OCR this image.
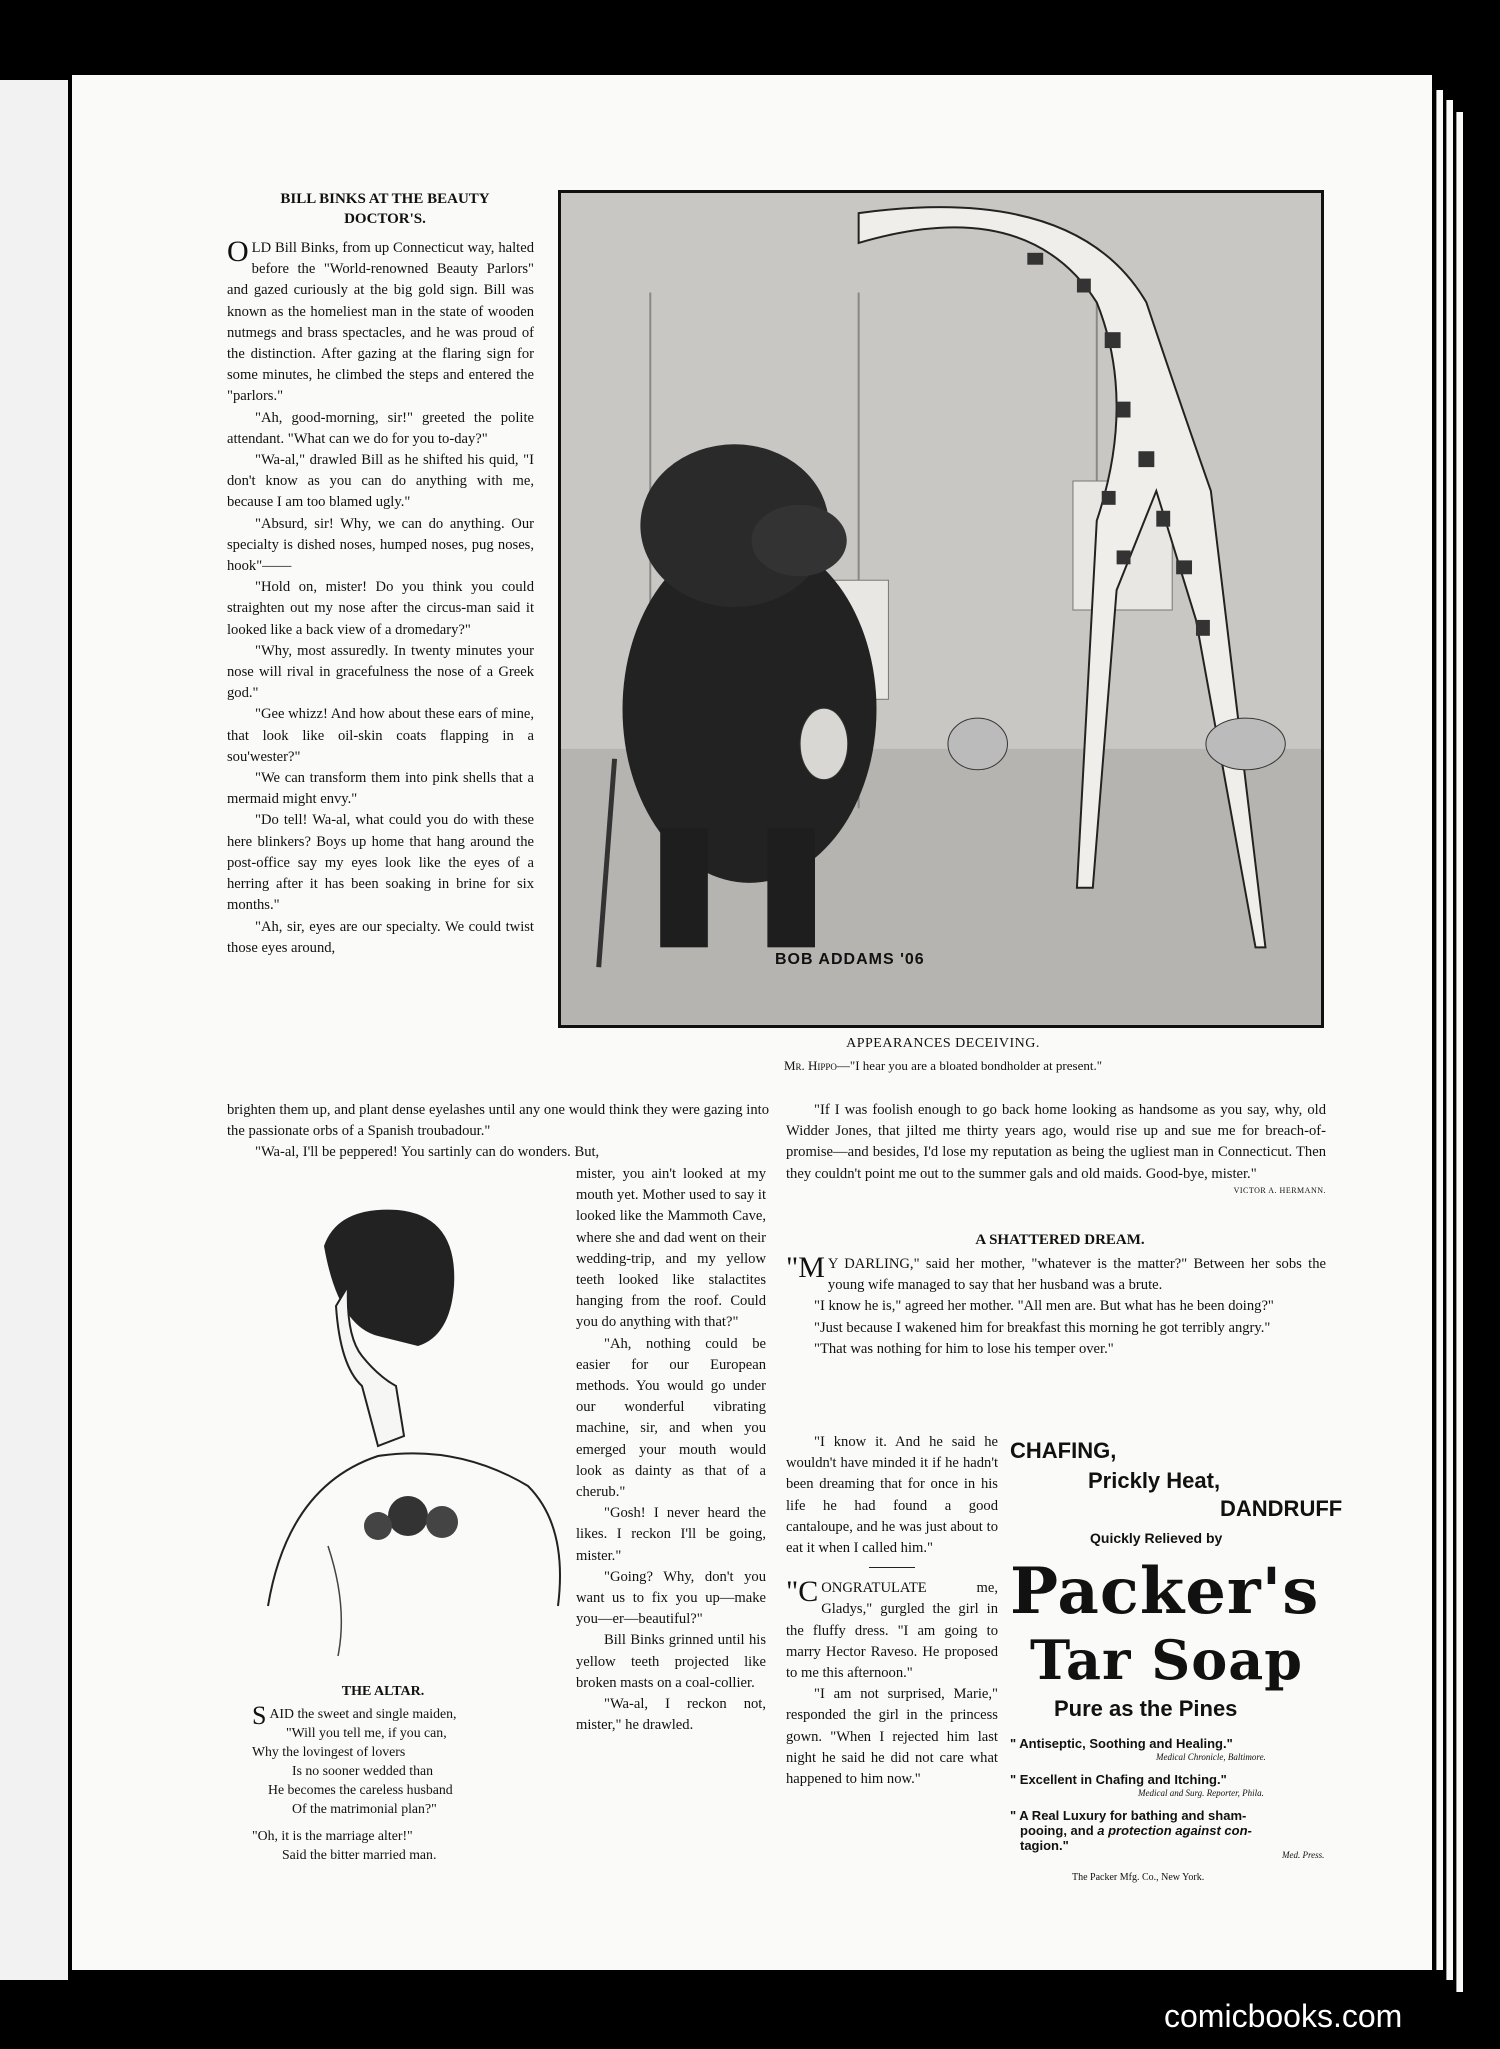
BILL BINKS AT THE BEAUTY
DOCTOR'S.

OLD Bill Binks, from up Connecticut way, halted before the "World-renowned Beauty Parlors" and gazed curiously at the big gold sign. Bill was known as the homeliest man in the state of wooden nutmegs and brass spectacles, and he was proud of the distinction. After gazing at the flaring sign for some minutes, he climbed the steps and entered the "parlors."

"Ah, good-morning, sir!" greeted the polite attendant. "What can we do for you to-day?"

"Wa-al," drawled Bill as he shifted his quid, "I don't know as you can do anything with me, because I am too blamed ugly."

"Absurd, sir! Why, we can do anything. Our specialty is dished noses, humped noses, pug noses, hook"——

"Hold on, mister! Do you think you could straighten out my nose after the circus-man said it looked like a back view of a dromedary?"

"Why, most assuredly. In twenty minutes your nose will rival in gracefulness the nose of a Greek god."

"Gee whizz! And how about these ears of mine, that look like oil-skin coats flapping in a sou'wester?"

"We can transform them into pink shells that a mermaid might envy."

"Do tell! Wa-al, what could you do with these here blinkers? Boys up home that hang around the post-office say my eyes look like the eyes of a herring after it has been soaking in brine for six months."

"Ah, sir, eyes are our specialty. We could twist those eyes around,

brighten them up, and plant dense eyelashes until any one would think they were gazing into the passionate orbs of a Spanish troubadour."

"Wa-al, I'll be peppered! You sartinly can do wonders. But,

mister, you ain't looked at my mouth yet. Mother used to say it looked like the Mammoth Cave, where she and dad went on their wedding-trip, and my yellow teeth looked like stalactites hanging from the roof. Could you do anything with that?"

"Ah, nothing could be easier for our European methods. You would go under our wonderful vibrating machine, sir, and when you emerged your mouth would look as dainty as that of a cherub."

"Gosh! I never heard the likes. I reckon I'll be going, mister."

"Going? Why, don't you want us to fix you up—make you—er—beautiful?"

Bill Binks grinned until his yellow teeth projected like broken masts on a coal-collier.

"Wa-al, I reckon not, mister," he drawled.

"If I was foolish enough to go back home looking as handsome as you say, why, old Widder Jones, that jilted me thirty years ago, would rise up and sue me for breach-of-promise—and besides, I'd lose my reputation as being the ugliest man in Connecticut. Then they couldn't point me out to the summer gals and old maids. Good-bye, mister."

VICTOR A. HERMANN.
BOB ADDAMS '06
APPEARANCES DECEIVING.
Mr. Hippo—"I hear you are a bloated bondholder at present."
THE ALTAR.

SAID the sweet and single maiden,

"Will you tell me, if you can,

Why the lovingest of lovers

Is no sooner wedded than

He becomes the careless husband

Of the matrimonial plan?"

"Oh, it is the marriage alter!"

Said the bitter married man.

A SHATTERED DREAM.

"M Y DARLING," said her mother, "whatever is the matter?" Between her sobs the young wife managed to say that her husband was a brute.

"I know he is," agreed her mother. "All men are. But what has he been doing?"

"Just because I wakened him for breakfast this morning he got terribly angry."

"That was nothing for him to lose his temper over."

"I know it. And he said he wouldn't have minded it if he hadn't been dreaming that for once in his life he had found a good cantaloupe, and he was just about to eat it when I called him."

"CONGRATULATE me, Gladys," gurgled the girl in the fluffy dress. "I am going to marry Hector Raveso. He proposed to me this afternoon."

"I am not surprised, Marie," responded the girl in the princess gown. "When I rejected him last night he said he did not care what happened to him now."

CHAFING,
Prickly Heat,
DANDRUFF
Quickly Relieved by
Packer's
Tar Soap
Pure as the Pines
" Antiseptic, Soothing and Healing."
Medical Chronicle, Baltimore.
" Excellent in Chafing and Itching."
Medical and Surg. Reporter, Phila.
" A Real Luxury for bathing and sham-
pooing, and a protection against con-
tagion."
Med. Press.
The Packer Mfg. Co., New York.
comicbooks.com
